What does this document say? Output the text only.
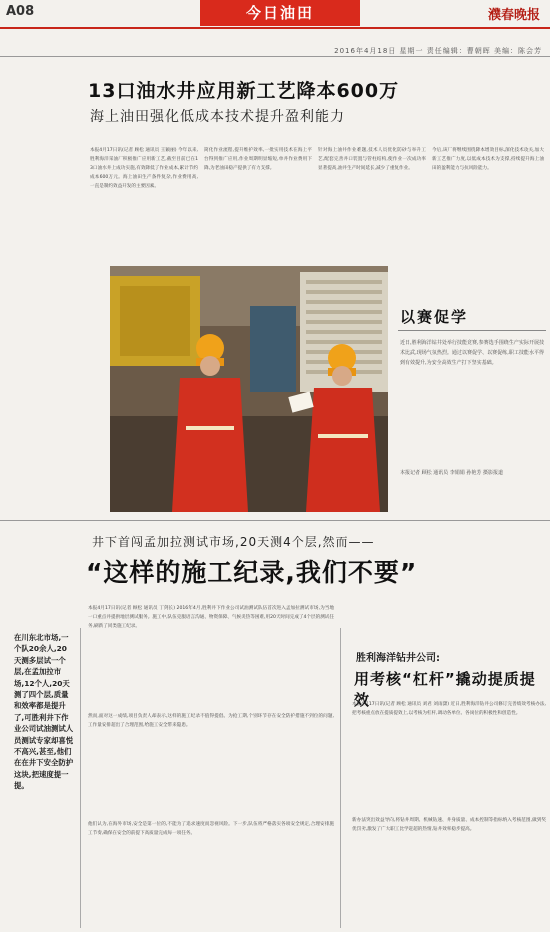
A08	今日油田	濮春晚报
2016年4月18日 星期一 责任编辑：曹朝晖 美编：陈会芳
13口油水井应用新工艺降本600万
海上油田强化低成本技术提升盈利能力
本报4月17日讯(记者 顾松 通讯员 王颖丽) 今年以来,胜利海洋采油厂积极推广应用新工艺,截至目前已在13口油水井上成功实施,有效降低了作业成本,累计节约成本600万元。海上油田生产条件复杂,作业费用高,一直是制约效益开发的主要因素。
简化作业流程,提升维护效率,一批实用技术在海上平台得到推广应用,作业周期明显缩短,单井作业费用下降,为老油田稳产提供了有力支撑。
针对海上油井作业难题,技术人员优化防砂与举升工艺,配套完善井口装置与管柱结构,使作业一次成功率显著提高,油井生产时间延长,减少了重复作业。
今后,该厂将继续围绕降本增效目标,深化技术攻关,加大新工艺推广力度,以低成本技术为支撑,持续提升海上油田的盈利能力与抗风险能力。
以赛促学
近日,胜利海洋钻井处举行技能竞赛,参赛选手围绕生产实际开展技术比武,现场气氛热烈。通过以赛促学、以赛促练,职工技能水平得到有效提升,为安全高效生产打下坚实基础。
本报记者 顾松 通讯员 李娟娟 孙艳芳 摄影报道
井下首闯孟加拉测试市场,20天测4个层,然而——
“这样的施工纪录,我们不要”
在川东北市场,一个队20余人,20天测多层试一个层,在孟加拉市场,12个人,20天测了四个层,质量和效率都是提升了,可胜利井下作业公司试油测试人员测试专家却喜悦不高兴,甚至,他们在在井下安全防护这块,把速度提一提。
本报4月17日讯(记者 顾松 通讯员 丁剑长) 2016年4月,胜利井下作业公司试油测试队伍首次进入孟加拉测试市场,为当地一口重点井提供地层测试服务。施工中,队伍克服语言沟通、物资保障、气候炎热等困难,用20天时间完成了4个层的测试任务,刷新了同类施工纪录。
然而,面对这一成绩,项目负责人却表示,这样的施工纪录不值得提倡。为抢工期,个别环节存在安全防护措施不到位的问题,工作量安排超出了合理范围,给施工安全带来隐患。
他们认为,在海外市场,安全是第一位的,不能为了追求速度而忽视风险。下一步,队伍将严格落实各项安全规定,合理安排施工节奏,确保在安全的前提下高质量完成每一项任务。
胜利海洋钻井公司:
用考核“杠杆”撬动提质提效
本报4月17日讯(记者 顾松 通讯员 刘君 刘雨潇) 近日,胜利海洋钻井公司修订完善绩效考核办法,把考核重点放在提质提效上,以考核为杠杆,调动各单位、各岗位的积极性和创造性。
新办法突出效益导向,将钻井周期、机械钻速、井身质量、成本控制等指标纳入考核范围,做到奖优罚劣,激发了广大职工比学赶超的热情,钻井效率稳步提高。
